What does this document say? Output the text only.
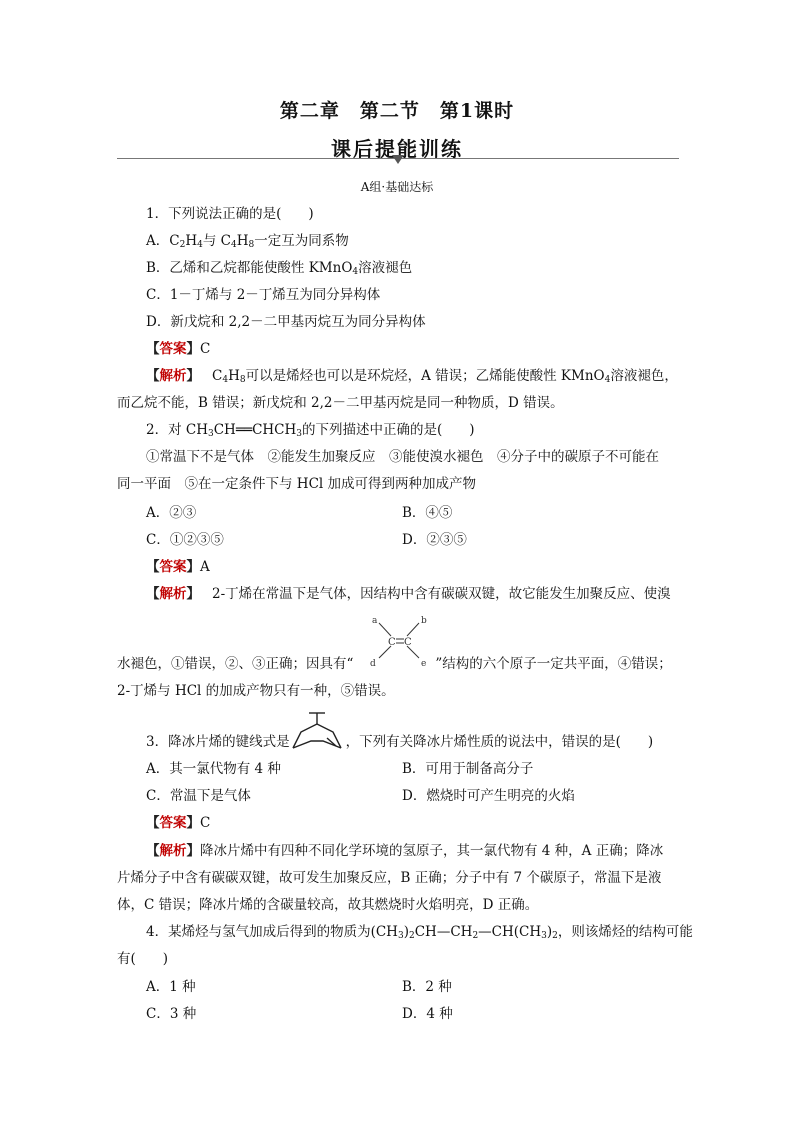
第二章　第二节　第1课时
课后提能训练
A组·基础达标
1．下列说法正确的是(　　)
A．$C_2H_4$与 $C_4H_8$一定互为同系物
B．乙烯和乙烷都能使酸性 KMnO$_4$溶液褪色
C．1－丁烯与 2－丁烯互为同分异构体
D．新戊烷和 2,2－二甲基丙烷互为同分异构体
【答案】C
【解析】 $C_4H_8$可以是烯烃也可以是环烷烃，A 错误；乙烯能使酸性 KMnO$_4$溶液褪色，
而乙烷不能，B 错误；新戊烷和 2,2－二甲基丙烷是同一种物质，D 错误。
2．对 $CH_3CH══CHCH_3$的下列描述中正确的是(　　)
①常温下不是气体　②能发生加聚反应　③能使溴水褪色　④分子中的碳原子不可能在
同一平面　⑤在一定条件下与 HCl 加成可得到两种加成产物
A．②③	B．④⑤
C．①②③⑤	D．②③⑤
【答案】A
【解析】 2-丁烯在常温下是气体，因结构中含有碳碳双键，故它能发生加聚反应、使溴
a	b
C C
d	e
水褪色，①错误，②、③正确；因具有“	”结构的六个原子一定共平面，④错误；
2-丁烯与 HCl 的加成产物只有一种，⑤错误。
3．降冰片烯的键线式是	，下列有关降冰片烯性质的说法中，错误的是(　　)
A．其一氯代物有 4 种	B．可用于制备高分子
C．常温下是气体	D．燃烧时可产生明亮的火焰
【答案】C
【解析】降冰片烯中有四种不同化学环境的氢原子，其一氯代物有 4 种，A 正确；降冰
片烯分子中含有碳碳双键，故可发生加聚反应，B 正确；分子中有 7 个碳原子，常温下是液
体，C 错误；降冰片烯的含碳量较高，故其燃烧时火焰明亮，D 正确。
4．某烯烃与氢气加成后得到的物质为$(CH_3)_2CH—CH_2—CH(CH_3)_2$，则该烯烃的结构可能
有(　　)
A．1 种	B．2 种
C．3 种	D．4 种
